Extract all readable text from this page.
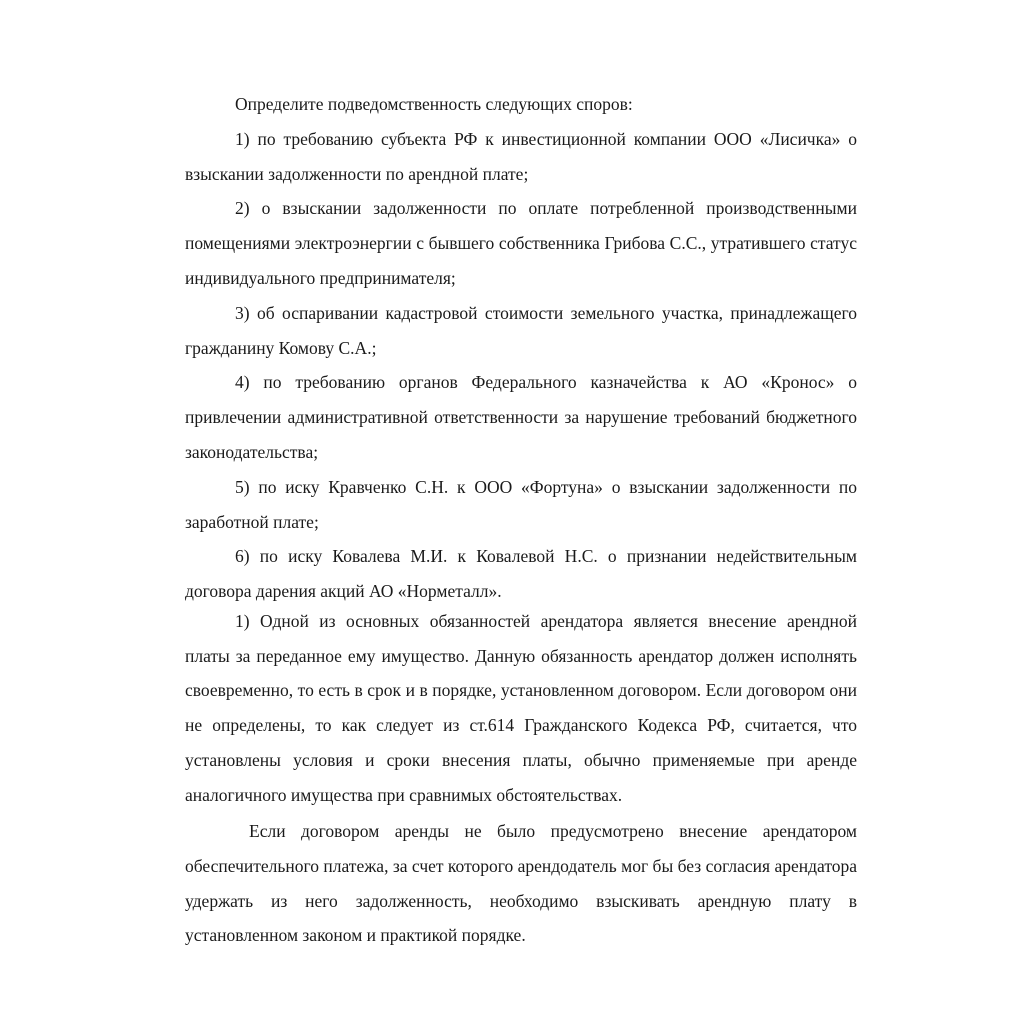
Определите подведомственность следующих споров:

1) по требованию субъекта РФ к инвестиционной компании ООО «Лисичка» о взыскании задолженности по арендной плате;

2) о взыскании задолженности по оплате потребленной производственными помещениями электроэнергии с бывшего собственника Грибова С.С., утратившего статус индивидуального предпринимателя;

3) об оспаривании кадастровой стоимости земельного участка, принадлежащего гражданину Комову С.А.;

4) по требованию органов Федерального казначейства к АО «Кронос» о привлечении административной ответственности за нарушение требований бюджетного законодательства;

5) по иску Кравченко С.Н. к ООО «Фортуна» о взыскании задолженности по заработной плате;

6) по иску Ковалева М.И. к Ковалевой Н.С. о признании недействительным договора дарения акций АО «Норметалл».

1) Одной из основных обязанностей арендатора является внесение арендной платы за переданное ему имущество. Данную обязанность арендатор должен исполнять своевременно, то есть в срок и в порядке, установленном договором. Если договором они не определены, то как следует из ст.614 Гражданского Кодекса РФ, считается, что установлены условия и сроки внесения платы, обычно применяемые при аренде аналогичного имущества при сравнимых обстоятельствах.

Если договором аренды не было предусмотрено внесение арендатором обеспечительного платежа, за счет которого арендодатель мог бы без согласия арендатора удержать из него задолженность, необходимо взыскивать арендную плату в установленном законом и практикой порядке.
